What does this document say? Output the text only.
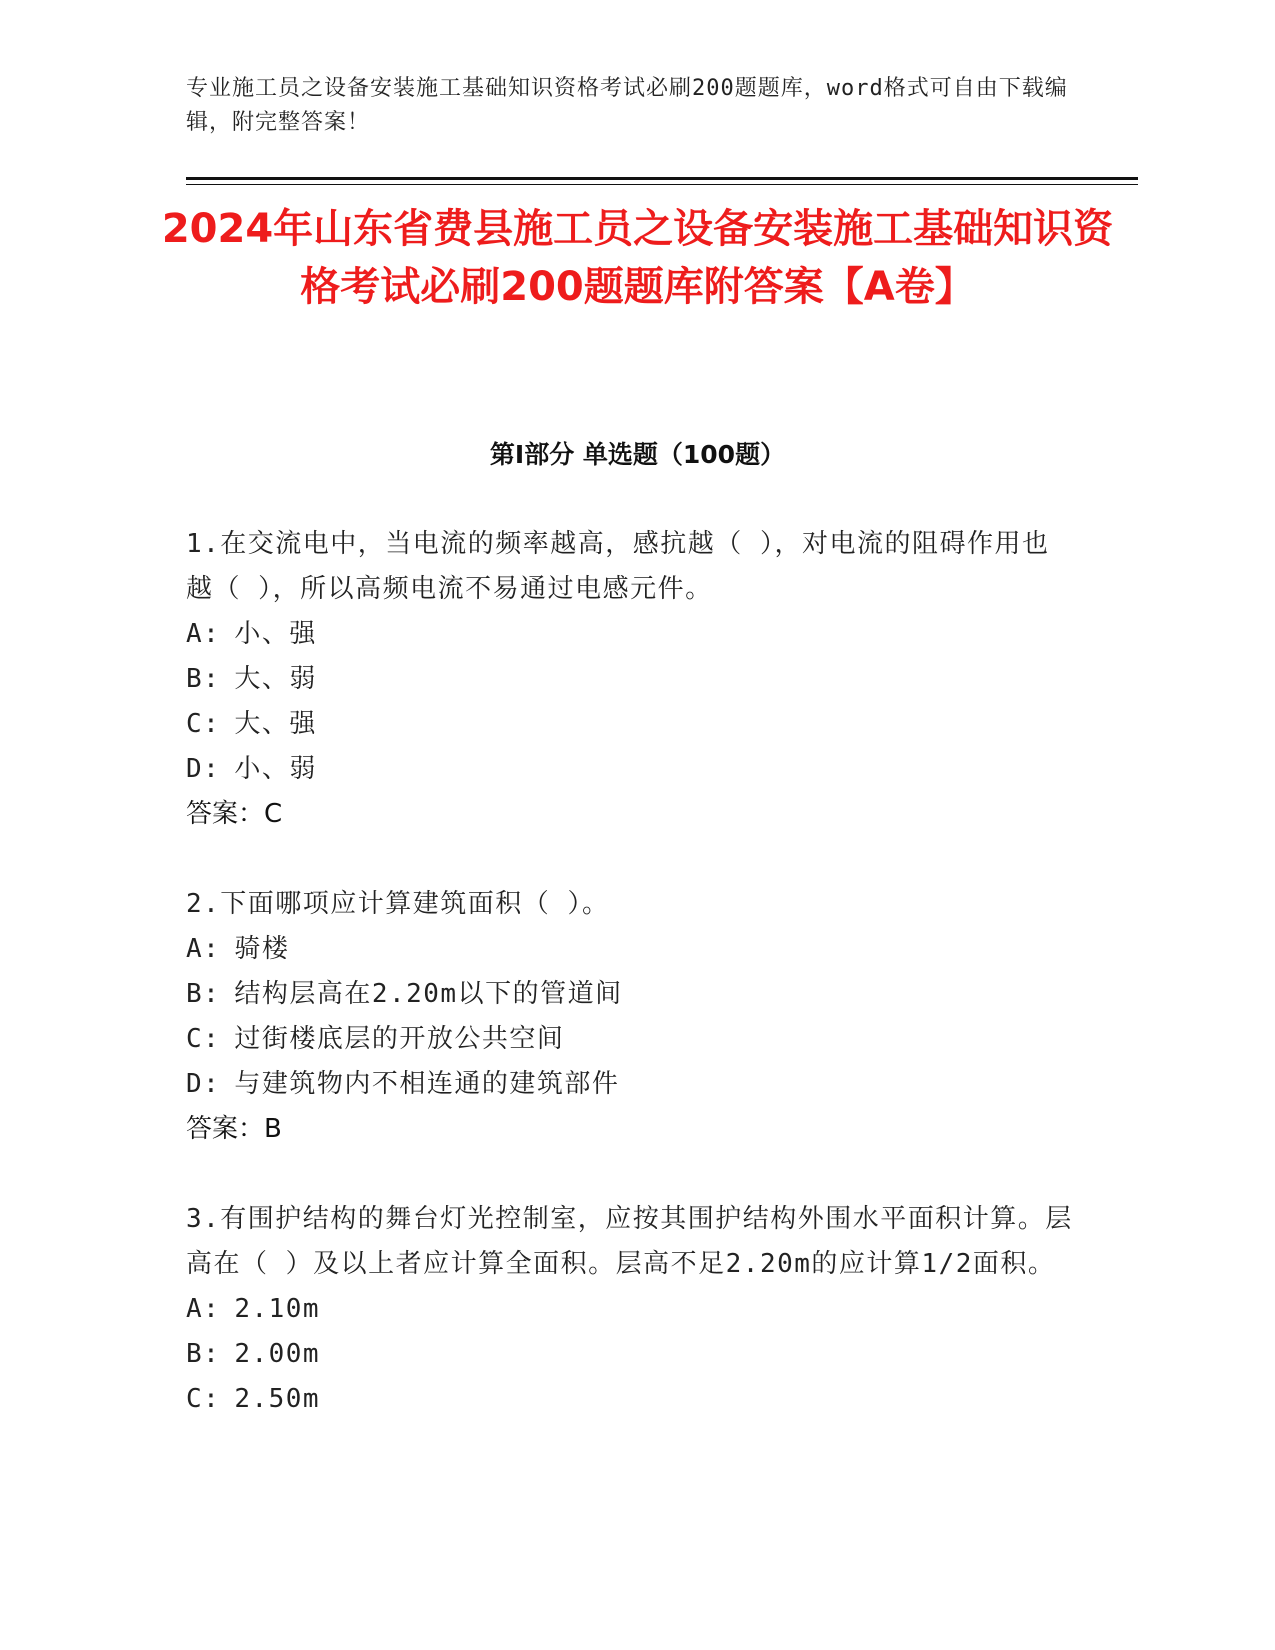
专业施工员之设备安装施工基础知识资格考试必刷200题题库，word格式可自由下载编辑，附完整答案！
2024年山东省费县施工员之设备安装施工基础知识资格考试必刷200题题库附答案【A卷】
第Ⅰ部分 单选题（100题）

1.在交流电中，当电流的频率越高，感抗越（ ），对电流的阻碍作用也越（ ），所以高频电流不易通过电感元件。

A: 小、强

B: 大、弱

C: 大、强

D: 小、弱

答案：C

2.下面哪项应计算建筑面积（ ）。

A: 骑楼

B: 结构层高在2.20m以下的管道间

C: 过街楼底层的开放公共空间

D: 与建筑物内不相连通的建筑部件

答案：B

3.有围护结构的舞台灯光控制室，应按其围护结构外围水平面积计算。层高在（ ）及以上者应计算全面积。层高不足2.20m的应计算1/2面积。

A: 2.10m

B: 2.00m

C: 2.50m
